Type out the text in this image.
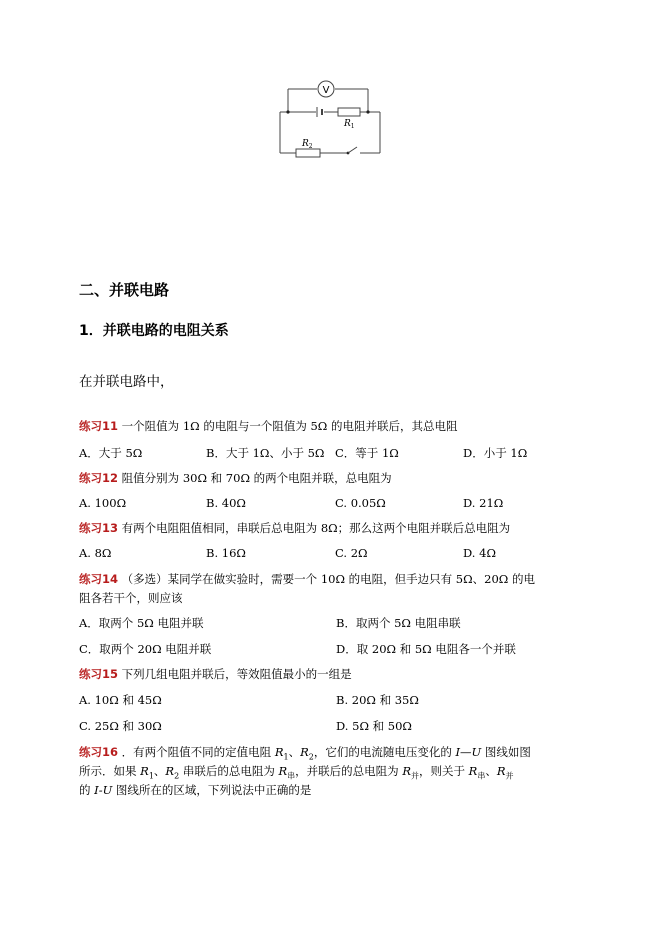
V
$R_1$
$R_2$
二、并联电路
1．并联电路的电阻关系
在并联电路中，
练习11 一个阻值为 1Ω 的电阻与一个阻值为 5Ω 的电阻并联后，其总电阻
A．大于 5Ω	B．大于 1Ω、小于 5Ω C．等于 1Ω	D．小于 1Ω
练习12 阻值分别为 30Ω 和 70Ω 的两个电阻并联，总电阻为
A. 100Ω	B. 40Ω	C. 0.05Ω	D. 21Ω
练习13 有两个电阻阻值相同，串联后总电阻为 8Ω；那么这两个电阻并联后总电阻为
A. 8Ω	B. 16Ω	C. 2Ω	D. 4Ω
练习14 （多选）某同学在做实验时，需要一个 10Ω 的电阻，但手边只有 5Ω、20Ω 的电
阻各若干个，则应该
A．取两个 5Ω 电阻并联	B．取两个 5Ω 电阻串联
C．取两个 20Ω 电阻并联	D．取 20Ω 和 5Ω 电阻各一个并联
练习15 下列几组电阻并联后，等效阻值最小的一组是
A. 10Ω 和 45Ω	B. 20Ω 和 35Ω
C. 25Ω 和 30Ω	D. 5Ω 和 50Ω
练习16 ．有两个阻值不同的定值电阻 $R_1$、$R_2$，它们的电流随电压变化的 I—U 图线如图
所示．如果 $R_1$、$R_2$ 串联后的总电阻为 $R_串$，并联后的总电阻为 $R_并$，则关于 $R_串$、$R_并$
的 I-U 图线所在的区域，下列说法中正确的是
